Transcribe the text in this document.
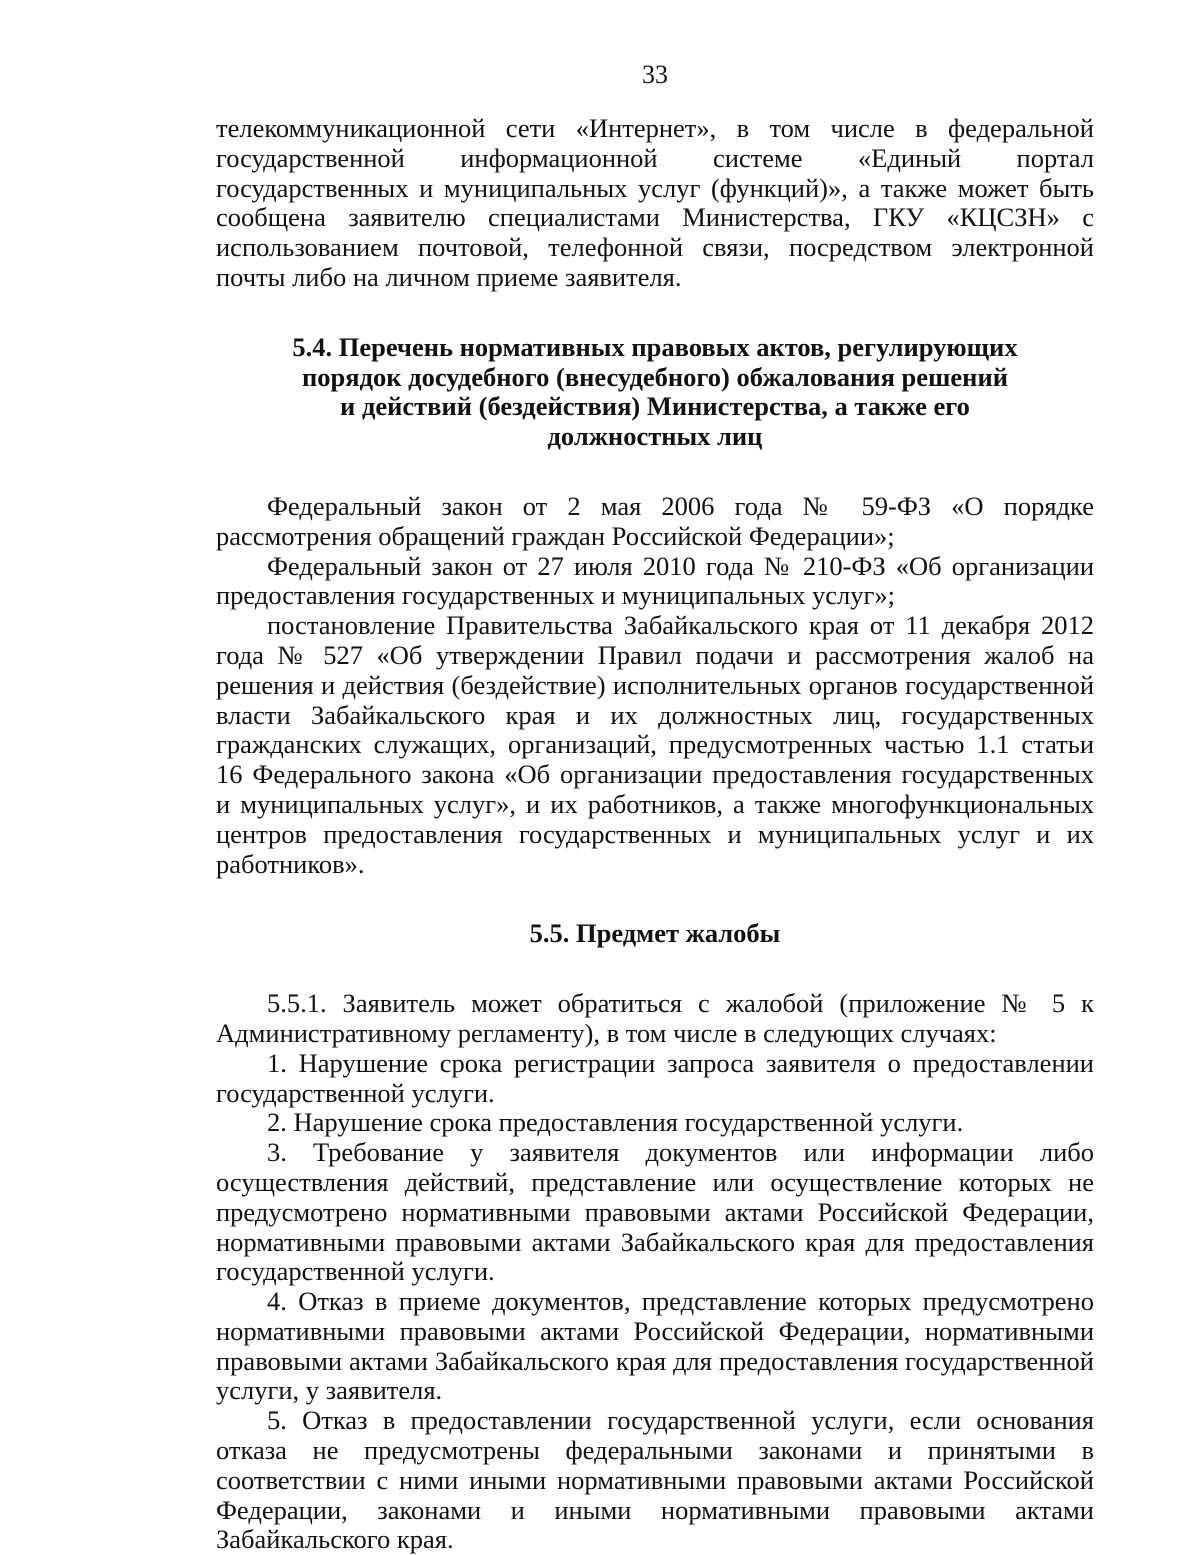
33

телекоммуникационной сети «Интернет», в том числе в федеральной государственной информационной системе «Единый портал государственных и муниципальных услуг (функций)», а также может быть сообщена заявителю специалистами Министерства, ГКУ «КЦСЗН» с использованием почтовой, телефонной связи, посредством электронной почты либо на личном приеме заявителя.

5.4. Перечень нормативных правовых актов, регулирующих
порядок досудебного (внесудебного) обжалования решений
и действий (бездействия) Министерства, а также его
должностных лиц

Федеральный закон от 2 мая 2006 года № 59-ФЗ «О порядке рассмотрения обращений граждан Российской Федерации»;

Федеральный закон от 27 июля 2010 года № 210-ФЗ «Об организации предоставления государственных и муниципальных услуг»;

постановление Правительства Забайкальского края от 11 декабря 2012 года № 527 «Об утверждении Правил подачи и рассмотрения жалоб на решения и действия (бездействие) исполнительных органов государственной власти Забайкальского края и их должностных лиц, государственных гражданских служащих, организаций, предусмотренных частью 1.1 статьи 16 Федерального закона «Об организации предоставления государственных и муниципальных услуг», и их работников, а также многофункциональных центров предоставления государственных и муниципальных услуг и их работников».

5.5. Предмет жалобы

5.5.1. Заявитель может обратиться с жалобой (приложение № 5 к Административному регламенту), в том числе в следующих случаях:

1. Нарушение срока регистрации запроса заявителя о предоставлении государственной услуги.

2. Нарушение срока предоставления государственной услуги.

3. Требование у заявителя документов или информации либо осуществления действий, представление или осуществление которых не предусмотрено нормативными правовыми актами Российской Федерации, нормативными правовыми актами Забайкальского края для предоставления государственной услуги.

4. Отказ в приеме документов, представление которых предусмотрено нормативными правовыми актами Российской Федерации, нормативными правовыми актами Забайкальского края для предоставления государственной услуги, у заявителя.

5. Отказ в предоставлении государственной услуги, если основания отказа не предусмотрены федеральными законами и принятыми в соответствии с ними иными нормативными правовыми актами Российской Федерации, законами и иными нормативными правовыми актами Забайкальского края.
